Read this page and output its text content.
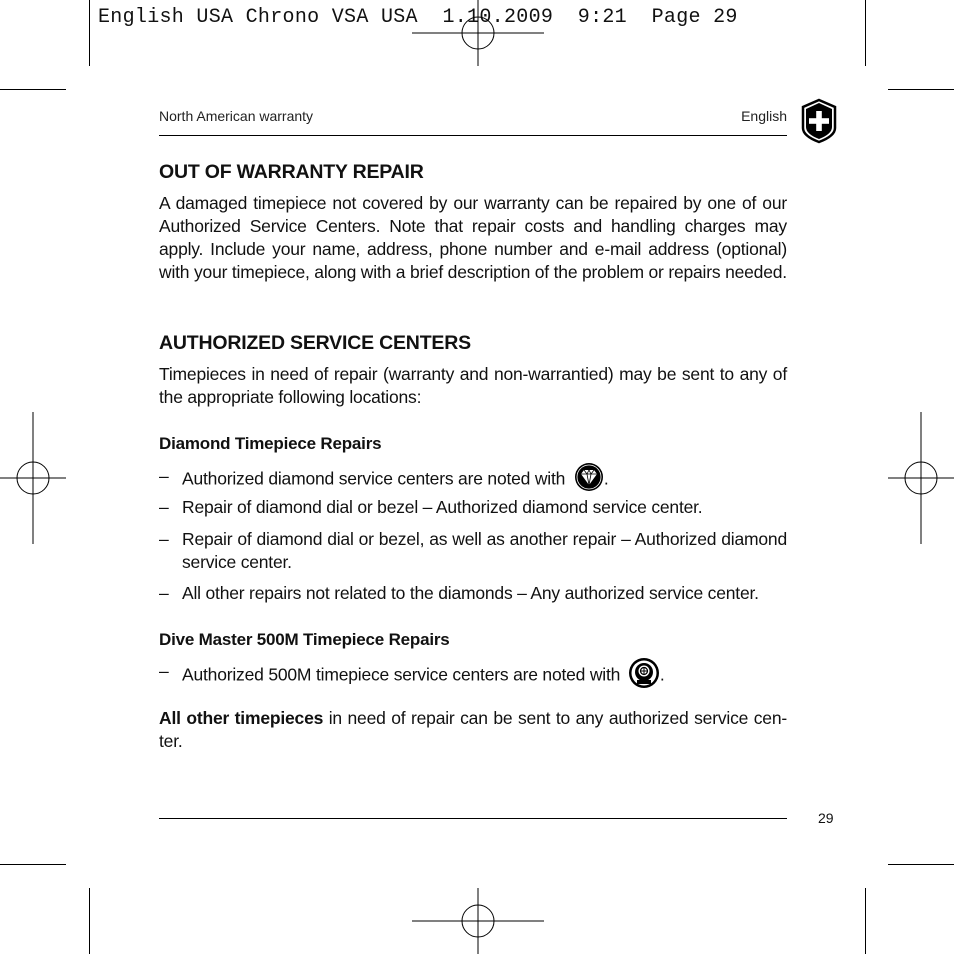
English USA Chrono VSA USA  1.10.2009  9:21  Page 29
North American warranty	English
OUT OF WARRANTY REPAIR

A damaged timepiece not covered by our warranty can be repaired by one of our Authorized Service Centers. Note that repair costs and handling charges may apply. Include your name, address, phone number and e-mail address (optional) with your timepiece, along with a brief description of the problem or repairs needed.

AUTHORIZED SERVICE CENTERS

Timepieces in need of repair (warranty and non-warrantied) may be sent to any of the appropriate following locations:

Diamond Timepiece Repairs
– Authorized diamond service centers are noted with .
– Repair of diamond dial or bezel – Authorized diamond service center.
– Repair of diamond dial or bezel, as well as another repair – Authorized diamond service center.
– All other repairs not related to the diamonds – Any authorized service center.
Dive Master 500M Timepiece Repairs
– Authorized 500M timepiece service centers are noted with .

All other timepieces in need of repair can be sent to any authorized service cen-ter.

29
